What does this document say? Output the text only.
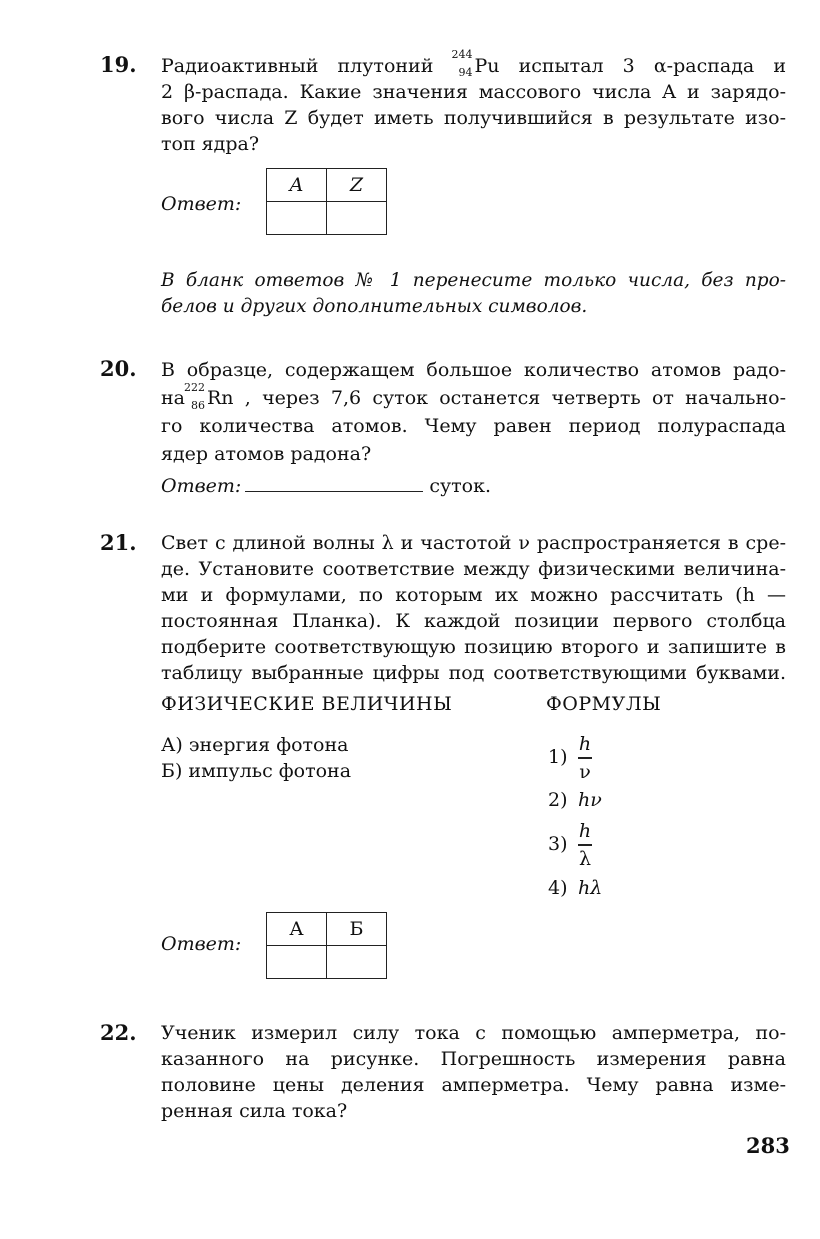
19. Радиоактивный плутоний
244
94 Pu испытал 3 α-распада и
2 β-распада. Какие значения массового числа A и зарядо-
вого числа Z будет иметь получившийся в результате изо-
топ ядра?
Ответ:
A	Z

В бланк ответов № 1 перенесите только числа, без про-
белов и других дополнительных символов.
20. В образце, содержащем большое количество атомов радо-
на 222
86 Rn , через 7,6 суток останется четверть от начально-
го количества атомов. Чему равен период полураспада
ядер атомов радона?
Ответ:	суток.
21. Свет с длиной волны λ и частотой ν распространяется в сре-
де. Установите соответствие между физическими величина-
ми и формулами, по которым их можно рассчитать (h —
постоянная Планка). К каждой позиции первого столбца
подберите соответствующую позицию второго и запишите в
таблицу выбранные цифры под соответствующими буквами.
ФИЗИЧЕСКИЕ ВЕЛИЧИНЫ	ФОРМУЛЫ
А) энергия фотона
Б) импульс фотона
$1) \frac{h}{\nu}$
2) hν
$3) \frac{h}{\lambda}$
4) hλ
Ответ:
А	Б

22. Ученик измерил силу тока с помощью амперметра, по-
казанного на рисунке. Погрешность измерения равна
половине цены деления амперметра. Чему равна изме-
ренная сила тока?
283
